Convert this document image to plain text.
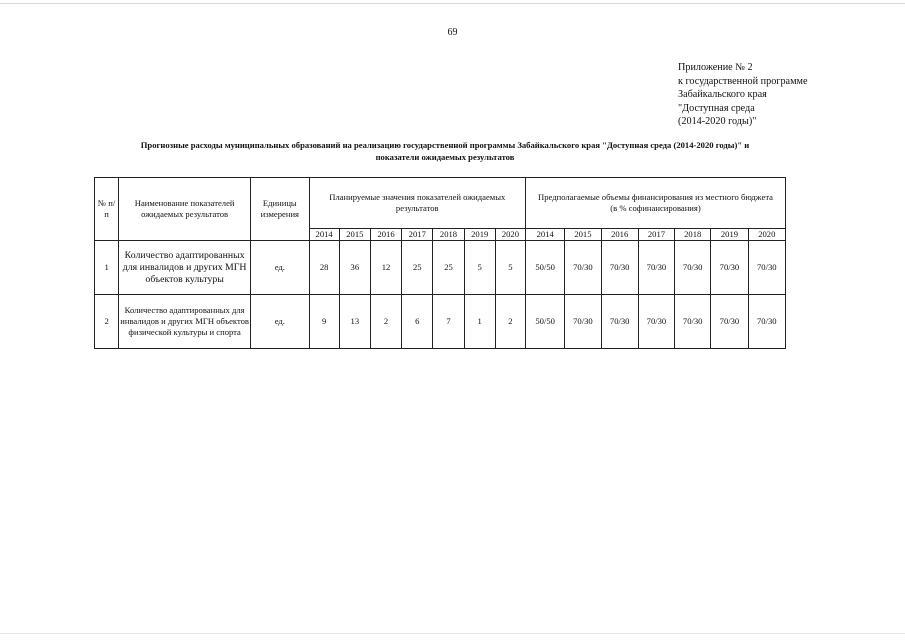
69
Приложение № 2
к государственной программе
Забайкальского края
"Доступная среда
(2014-2020 годы)"
Прогнозные расходы муниципальных образований на реализацию государственной программы Забайкальского края "Доступная среда (2014-2020 годы)" и
показатели ожидаемых результатов
№ п/п	Наименование показателей ожидаемых результатов	Единицы измерения	Планируемые значения показателей ожидаемых результатов							Предполагаемые объемы финансирования из местного бюджета (в % софинансирования)						
			2014	2015	2016	2017	2018	2019	2020	2014	2015	2016	2017	2018	2019	2020
1	Количество адаптированных для инвалидов и других МГН объектов культуры	ед.	28	36	12	25	25	5	5	50/50	70/30	70/30	70/30	70/30	70/30	70/30
2	Количество адаптированных для инвалидов и других МГН объектов физической культуры и спорта	ед.	9	13	2	6	7	1	2	50/50	70/30	70/30	70/30	70/30	70/30	70/30
